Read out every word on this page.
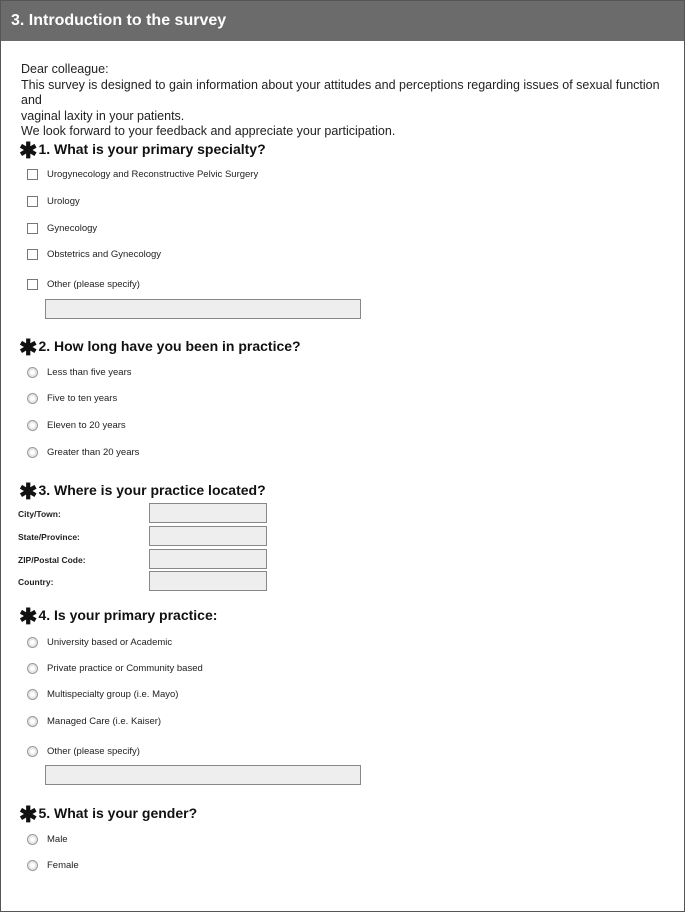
3. Introduction to the survey
Dear colleague:
This survey is designed to gain information about your attitudes and perceptions regarding issues of sexual function and
vaginal laxity in your patients.
We look forward to your feedback and appreciate your participation.
✱1. What is your primary specialty?
Urogynecology and Reconstructive Pelvic Surgery
Urology
Gynecology
Obstetrics and Gynecology
Other (please specify)
✱2. How long have you been in practice?
Less than five years
Five to ten years
Eleven to 20 years
Greater than 20 years
✱3. Where is your practice located?
City/Town:
State/Province:
ZIP/Postal Code:
Country:
✱4. Is your primary practice:
University based or Academic
Private practice or Community based
Multispecialty group (i.e. Mayo)
Managed Care (i.e. Kaiser)
Other (please specify)
✱5. What is your gender?
Male
Female
